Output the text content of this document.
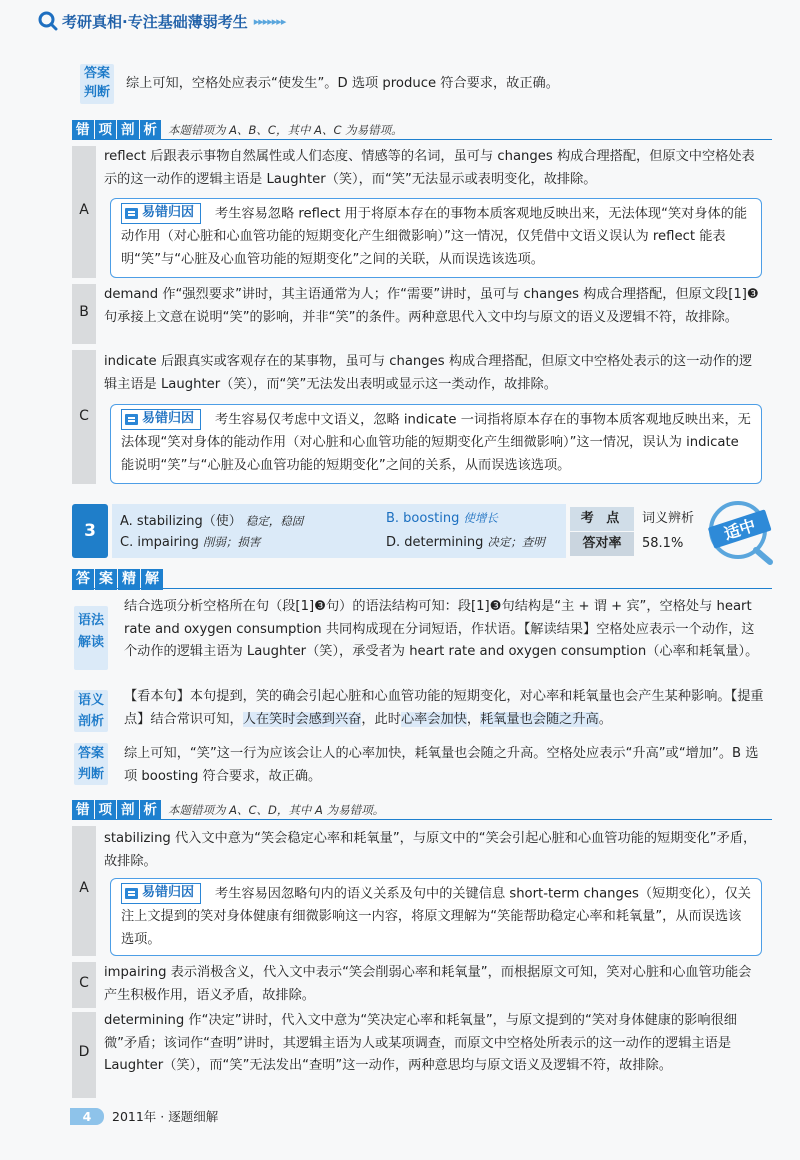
考研真相·专注基础薄弱考生 ▸▸▸▸▸▸▸
答案
判断
综上可知，空格处应表示“使发生”。D 选项 produce 符合要求，故正确。
错 项 剖 析 本题错项为 A、B、C，其中 A、C 为易错项。
A
reflect 后跟表示事物自然属性或人们态度、情感等的名词，虽可与 changes 构成合理搭配，但原文中空格处表示的这一动作的逻辑主语是 Laughter（笑），而“笑”无法显示或表明变化，故排除。
易错归因 考生容易忽略 reflect 用于将原本存在的事物本质客观地反映出来，无法体现“笑对身体的能动作用（对心脏和心血管功能的短期变化产生细微影响）”这一情况，仅凭借中文语义误认为 reflect 能表明“笑”与“心脏及心血管功能的短期变化”之间的关联，从而误选该选项。
B
demand 作“强烈要求”讲时，其主语通常为人；作“需要”讲时，虽可与 changes 构成合理搭配，但原文段[1]❸句承接上文意在说明“笑”的影响，并非“笑”的条件。两种意思代入文中均与原文的语义及逻辑不符，故排除。
C
indicate 后跟真实或客观存在的某事物，虽可与 changes 构成合理搭配，但原文中空格处表示的这一动作的逻辑主语是 Laughter（笑），而“笑”无法发出表明或显示这一类动作，故排除。
易错归因 考生容易仅考虑中文语义，忽略 indicate 一词指将原本存在的事物本质客观地反映出来，无法体现“笑对身体的能动作用（对心脏和心血管功能的短期变化产生细微影响）”这一情况，误认为 indicate 能说明“笑”与“心脏及心血管功能的短期变化”之间的关系，从而误选该选项。
3	A. stabilizing（使） 稳定，稳固	B. boosting 使增长
C. impairing 削弱；损害	D. determining 决定；查明
考 点	词义辨析
答对率	58.1% 适中
答 案 精 解
语法
解读
结合选项分析空格所在句（段[1]❸句）的语法结构可知：段[1]❸句结构是“主 + 谓 + 宾”，空格处与 heart rate and oxygen consumption 共同构成现在分词短语，作状语。【解读结果】空格处应表示一个动作，这个动作的逻辑主语为 Laughter（笑），承受者为 heart rate and oxygen consumption（心率和耗氧量）。
语义
剖析
【看本句】本句提到，笑的确会引起心脏和心血管功能的短期变化，对心率和耗氧量也会产生某种影响。【提重点】结合常识可知，人在笑时会感到兴奋，此时心率会加快，耗氧量也会随之升高。
答案
判断
综上可知，“笑”这一行为应该会让人的心率加快，耗氧量也会随之升高。空格处应表示“升高”或“增加”。B 选项 boosting 符合要求，故正确。
错 项 剖 析 本题错项为 A、C、D，其中 A 为易错项。
A
stabilizing 代入文中意为“笑会稳定心率和耗氧量”，与原文中的“笑会引起心脏和心血管功能的短期变化”矛盾，故排除。
易错归因 考生容易因忽略句内的语义关系及句中的关键信息 short-term changes（短期变化），仅关注上文提到的笑对身体健康有细微影响这一内容，将原文理解为“笑能帮助稳定心率和耗氧量”，从而误选该选项。
C
impairing 表示消极含义，代入文中表示“笑会削弱心率和耗氧量”，而根据原文可知，笑对心脏和心血管功能会产生积极作用，语义矛盾，故排除。
D
determining 作“决定”讲时，代入文中意为“笑决定心率和耗氧量”，与原文提到的“笑对身体健康的影响很细微”矛盾；该词作“查明”讲时，其逻辑主语为人或某项调查，而原文中空格处所表示的这一动作的逻辑主语是 Laughter（笑），而“笑”无法发出“查明”这一动作，两种意思均与原文语义及逻辑不符，故排除。
4	2011年 · 逐题细解
